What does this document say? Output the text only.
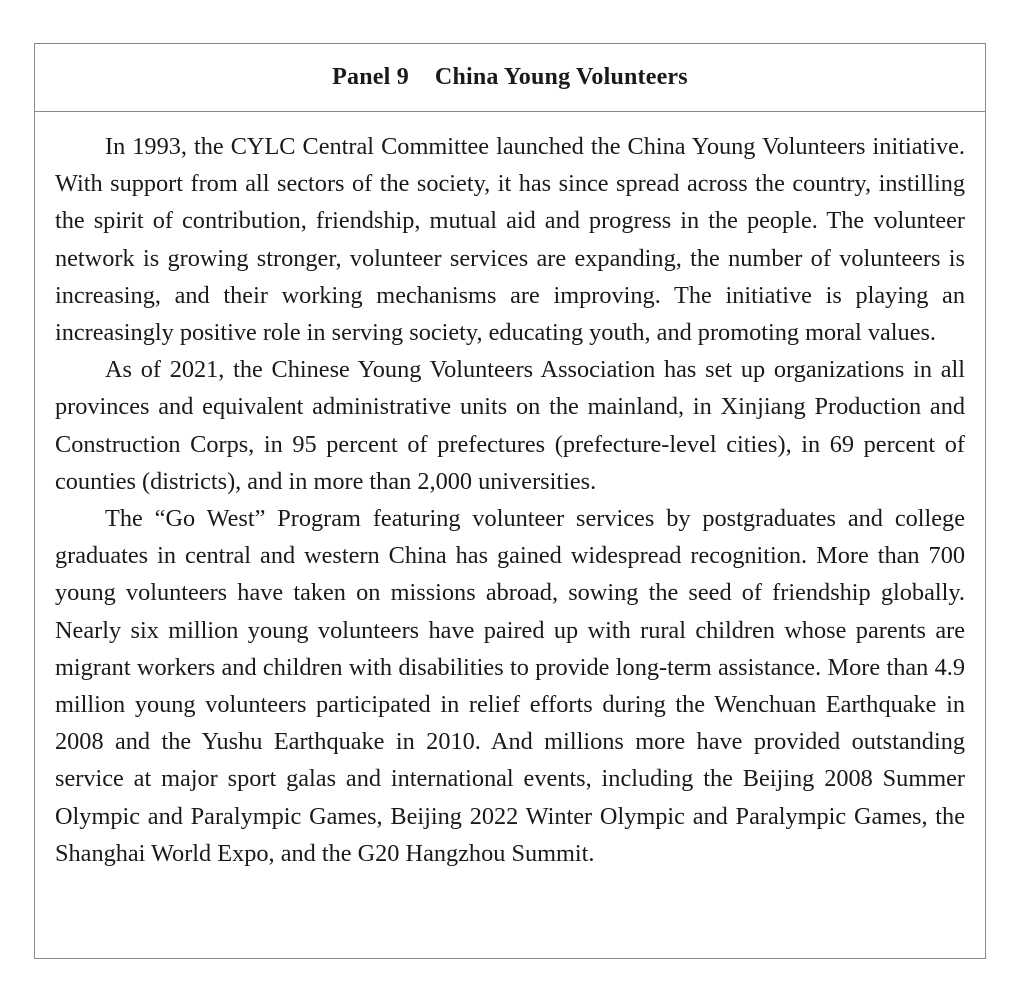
Panel 9 China Young Volunteers

In 1993, the CYLC Central Committee launched the China Young Volunteers initiative. With support from all sectors of the society, it has since spread across the country, instilling the spirit of contribution, friendship, mutual aid and progress in the people. The volunteer network is growing stronger, volunteer services are expanding, the number of volunteers is increasing, and their working mechanisms are improving. The initiative is playing an increasingly positive role in serving society, educating youth, and promoting moral values.

As of 2021, the Chinese Young Volunteers Association has set up organizations in all provinces and equivalent administrative units on the mainland, in Xinjiang Production and Construction Corps, in 95 percent of prefectures (prefecture-level cities), in 69 percent of counties (districts), and in more than 2,000 universities.

The “Go West” Program featuring volunteer services by postgraduates and college graduates in central and western China has gained widespread recognition. More than 700 young volunteers have taken on missions abroad, sowing the seed of friendship globally. Nearly six million young volunteers have paired up with rural children whose parents are migrant workers and children with disabilities to provide long-term assistance. More than 4.9 million young volunteers participated in relief efforts during the Wenchuan Earthquake in 2008 and the Yushu Earthquake in 2010. And millions more have provided outstanding service at major sport galas and international events, including the Beijing 2008 Summer Olympic and Paralympic Games, Beijing 2022 Winter Olympic and Paralympic Games, the Shanghai World Expo, and the G20 Hangzhou Summit.
